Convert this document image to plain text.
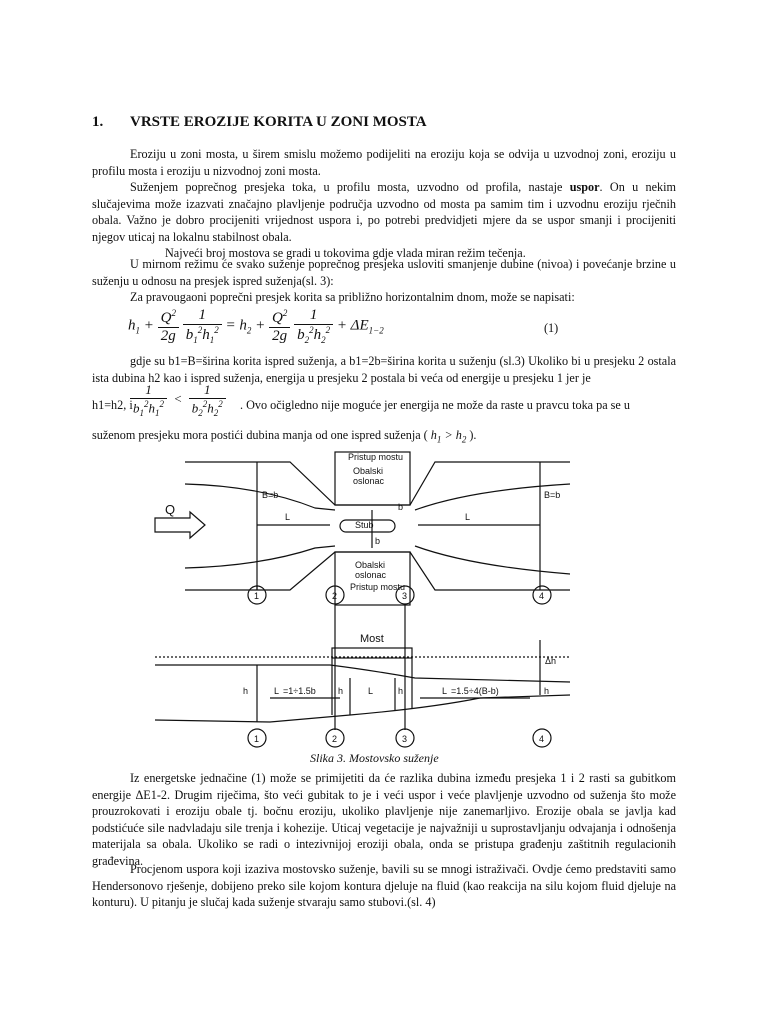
1. VRSTE EROZIJE KORITA U ZONI MOSTA
Eroziju u zoni mosta, u širem smislu možemo podijeliti na eroziju koja se odvija u uzvodnoj zoni, eroziju u profilu mosta i eroziju u nizvodnoj zoni mosta.
Suženjem poprečnog presjeka toka, u profilu mosta, uzvodno od profila, nastaje uspor. On u nekim slučajevima može izazvati značajno plavljenje područja uzvodno od mosta pa samim tim i uzvodnu eroziju rječnih obala. Važno je dobro procijeniti vrijednost uspora i, po potrebi predvidjeti mjere da se uspor smanji i procijeniti njegov uticaj na lokalnu stabilnost obala.
Najveći broj mostova se gradi u tokovima gdje vlada miran režim tečenja.
U mirnom režimu će svako suženje poprečnog presjeka usloviti smanjenje dubine (nivoa) i povećanje brzine u suženju u odnosu na presjek ispred suženja(sl. 3):
Za pravougaoni poprečni presjek korita sa približno horizontalnim dnom, može se napisati:
$h_1 + \frac{Q^2}{2g}$
$\frac{1}{b_1^2h_1^2} = h_2 + \frac{Q^2}{2g}$
$\frac{1}{b_2^2h_2^2} + \Delta E_{1-2}$	(1)
gdje su b1=B=širina korita ispred suženja, a b1=2b=širina korita u suženju (sl.3) Ukoliko bi u presjeku 2 ostala ista dubina h2 kao i ispred suženja, energija u presjeku 2 postala bi veća od energije u presjeku 1 jer je
h1=h2, i
$\frac{1}{b_1^2h_1^2} < \frac{1}{b_2^2h_2^2}$ . Ovo očigledno nije moguće jer energija ne može da raste u pravcu toka pa se u
suženom presjeku mora postići dubina manja od one ispred suženja ( $h_1 > h_2$ ).
Pristup mostu
Obalski
oslonac
Stub
b
b
Obalski
oslonac
Pristup mostu
Q
B=b	B=b
L	L
1	2	3	4
Most
Δh
h	h	h	h
L
L =1÷1.5b	L =1.5÷4(B-b)
1	2	3	4
Slika 3. Mostovsko suženje
Iz energetske jednačine (1) može se primijetiti da će razlika dubina između presjeka 1 i 2 rasti sa gubitkom energije ΔE1-2. Drugim riječima, što veći gubitak to je i veći uspor i veće plavljenje uzvodno od suženja što može prouzrokovati i eroziju obale tj. bočnu eroziju, ukoliko plavljenje nije zanemarljivo. Erozije obala se javlja kad podstićuće sile nadvladaju sile trenja i kohezije. Uticaj vegetacije je najvažniji u suprostavljanju odvajanja i odnošenja materijala sa obala. Ukoliko se radi o intezivnijoj eroziji obala, onda se pristupa građenju zaštitnih regulacionih građevina.
Procjenom uspora koji izaziva mostovsko suženje, bavili su se mnogi istraživači. Ovdje ćemo predstaviti samo Hendersonovo rješenje, dobijeno preko sile kojom kontura djeluje na fluid (kao reakcija na silu kojom fluid djeluje na konturu). U pitanju je slučaj kada suženje stvaraju samo stubovi.(sl. 4)
